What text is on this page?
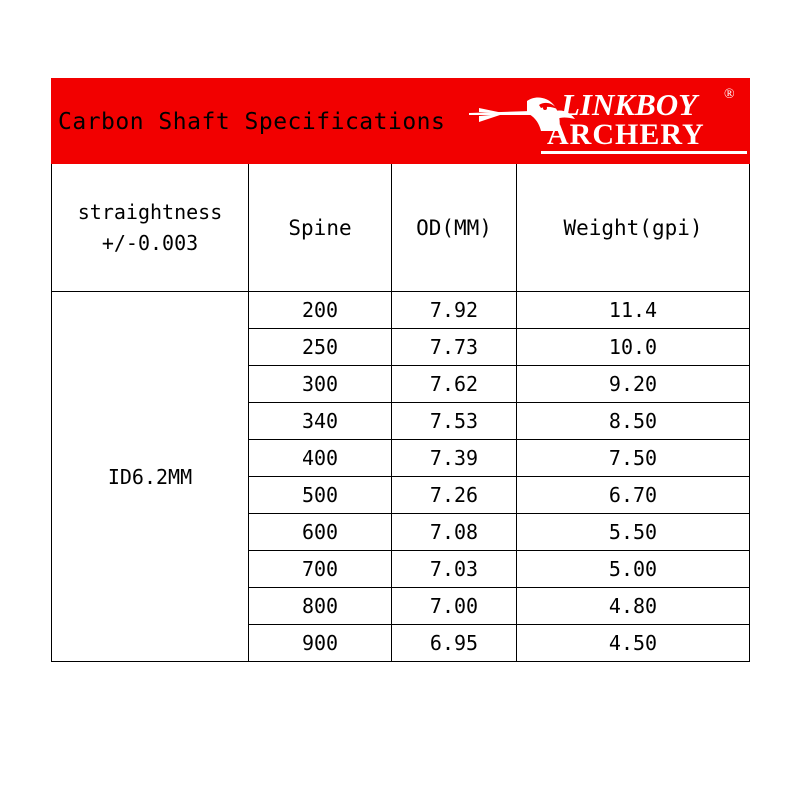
Carbon Shaft Specifications LINKBOY ®
ARCHERY			

straightness
+/-0.003	Spine	OD(MM)	Weight(gpi)
ID6.2MM	200	7.92	11.4
	250	7.73	10.0
	300	7.62	9.20
	340	7.53	8.50
	400	7.39	7.50
	500	7.26	6.70
	600	7.08	5.50
	700	7.03	5.00
	800	7.00	4.80
	900	6.95	4.50
